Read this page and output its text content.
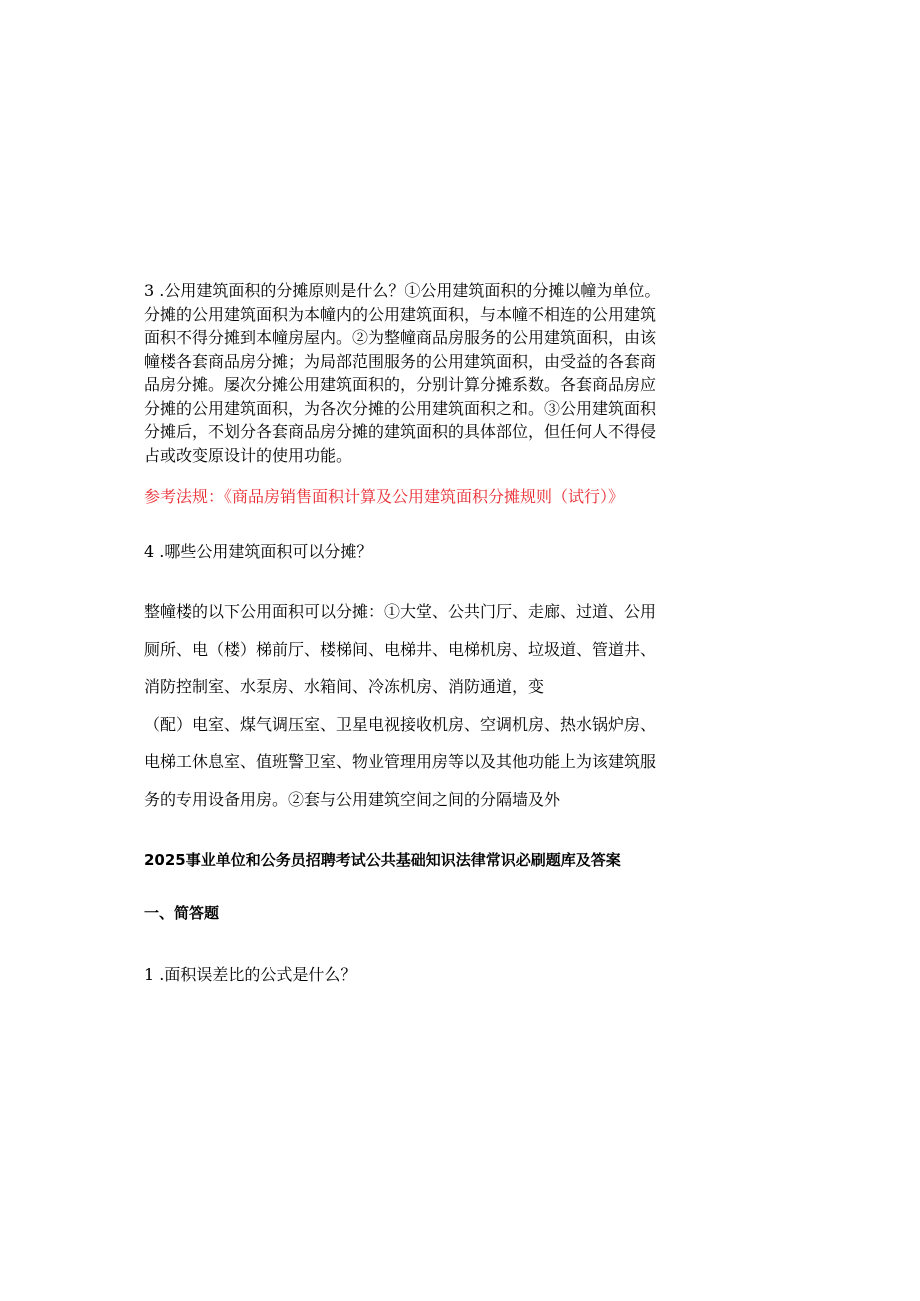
3 .公用建筑面积的分摊原则是什么？①公用建筑面积的分摊以幢为单位。
分摊的公用建筑面积为本幢内的公用建筑面积，与本幢不相连的公用建筑
面积不得分摊到本幢房屋内。②为整幢商品房服务的公用建筑面积，由该
幢楼各套商品房分摊；为局部范围服务的公用建筑面积，由受益的各套商
品房分摊。屡次分摊公用建筑面积的，分别计算分摊系数。各套商品房应
分摊的公用建筑面积，为各次分摊的公用建筑面积之和。③公用建筑面积
分摊后，不划分各套商品房分摊的建筑面积的具体部位，但任何人不得侵
占或改变原设计的使用功能。

参考法规：《商品房销售面积计算及公用建筑面积分摊规则（试行）》

4 .哪些公用建筑面积可以分摊？

整幢楼的以下公用面积可以分摊：①大堂、公共门厅、走廊、过道、公用
厕所、电（楼）梯前厅、楼梯间、电梯井、电梯机房、垃圾道、管道井、
消防控制室、水泵房、水箱间、冷冻机房、消防通道，变
（配）电室、煤气调压室、卫星电视接收机房、空调机房、热水锅炉房、
电梯工休息室、值班警卫室、物业管理用房等以及其他功能上为该建筑服
务的专用设备用房。②套与公用建筑空间之间的分隔墙及外

2025事业单位和公务员招聘考试公共基础知识法律常识必刷题库及答案

一、简答题

1 .面积误差比的公式是什么？
